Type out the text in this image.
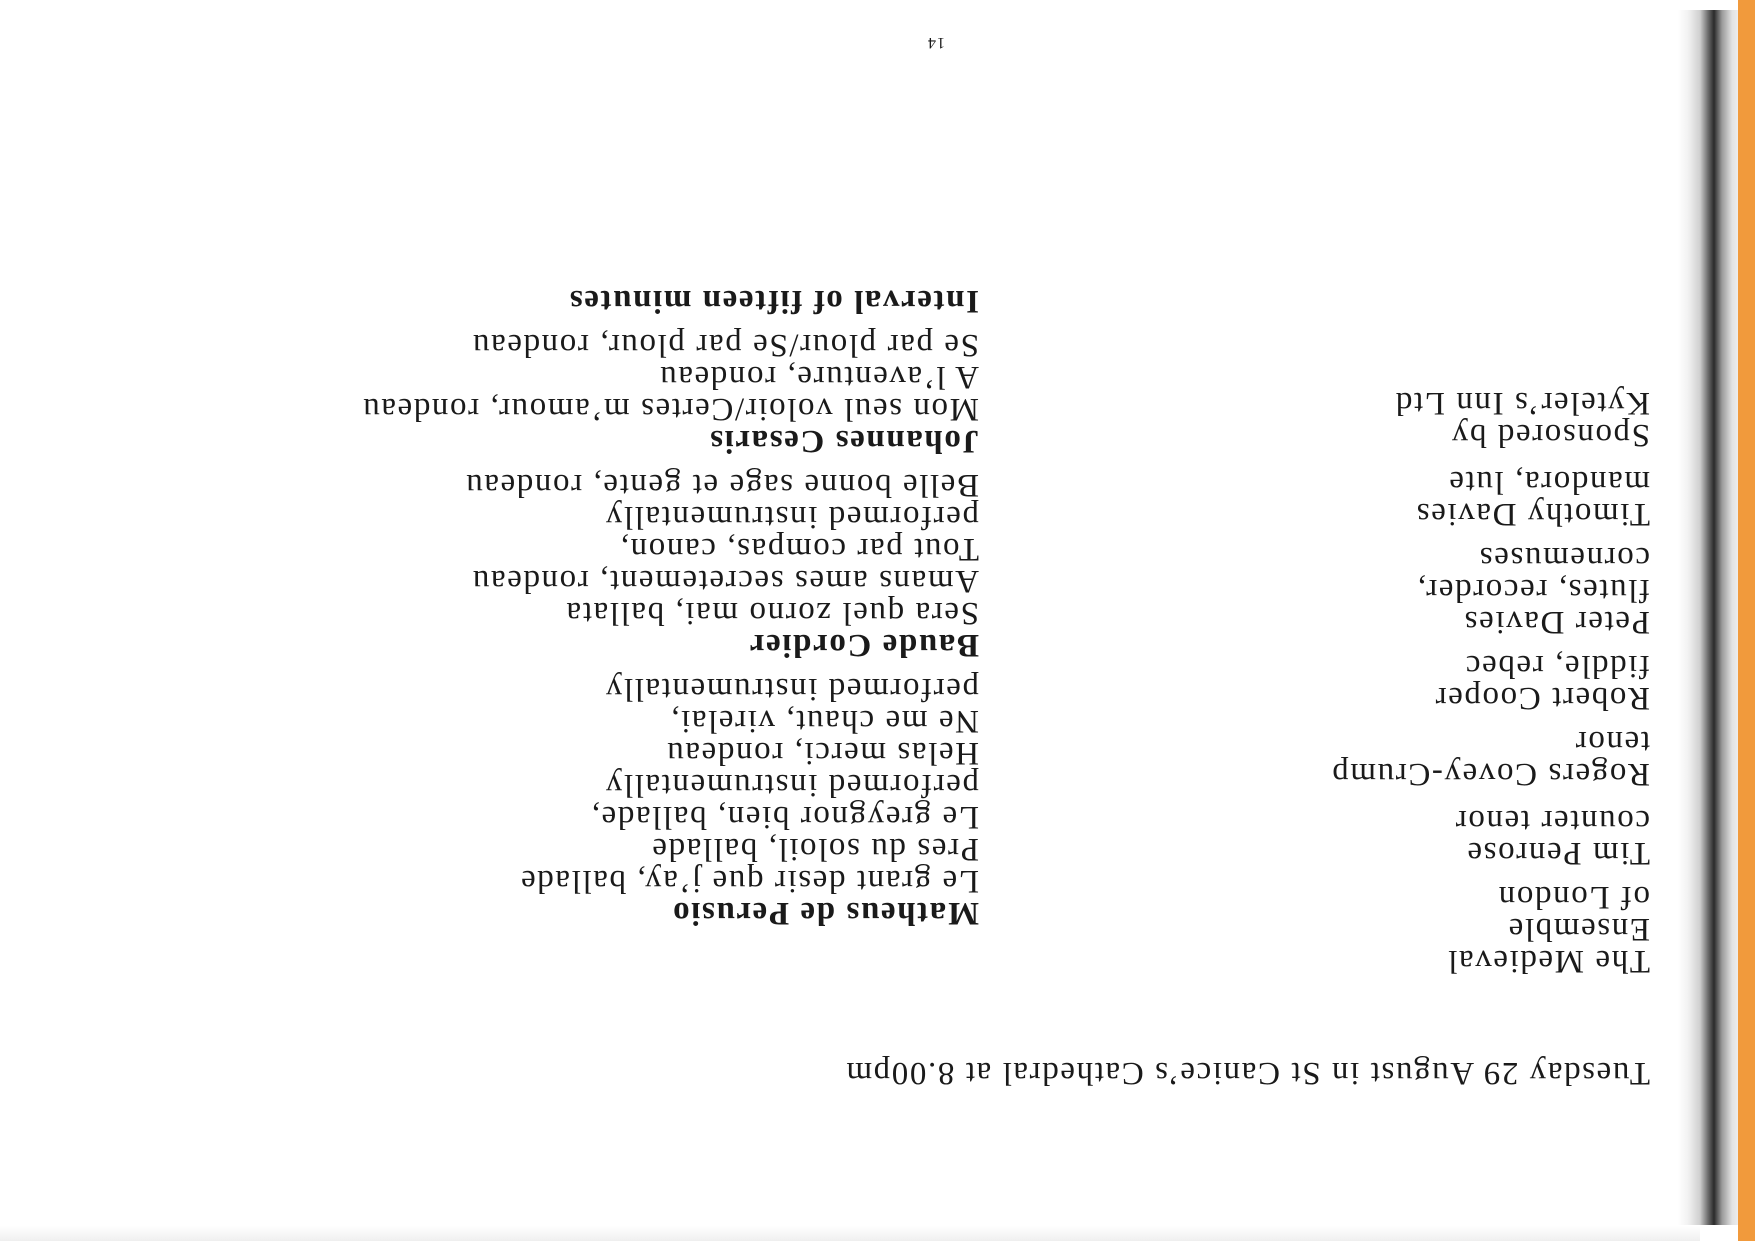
Tuesday 29 August in St Canice’s Cathedral at 8.00pm
The Medieval
Ensemble
of London
Tim Penrose
counter tenor
Rogers Covey-Crump
tenor
Robert Cooper
fiddle, rebec
Peter Davies
flutes, recorder,
cornemuses
Timothy Davies
mandora, lute
Sponsored by
Kyteler’s Inn Ltd
Matheus de Perusio
Le grant desir que j’ay, ballade
Pres du soloil, ballade
Le greygnor bien, ballade,
performed instrumentally
Helas merci, rondeau
Ne me chaut, virelai,
performed instrumentally
Baude Cordier
Sera quel zorno mai, ballata
Amans ames secretement, rondeau
Tout par compas, canon,
performed instrumentally
Belle bonne sage et gente, rondeau
Johannes Cesaris
Mon seul voloir/Certes m’amour, rondeau
A l’aventure, rondeau
Se par plour/Se par plour, rondeau
Interval of fifteen minutes
14
